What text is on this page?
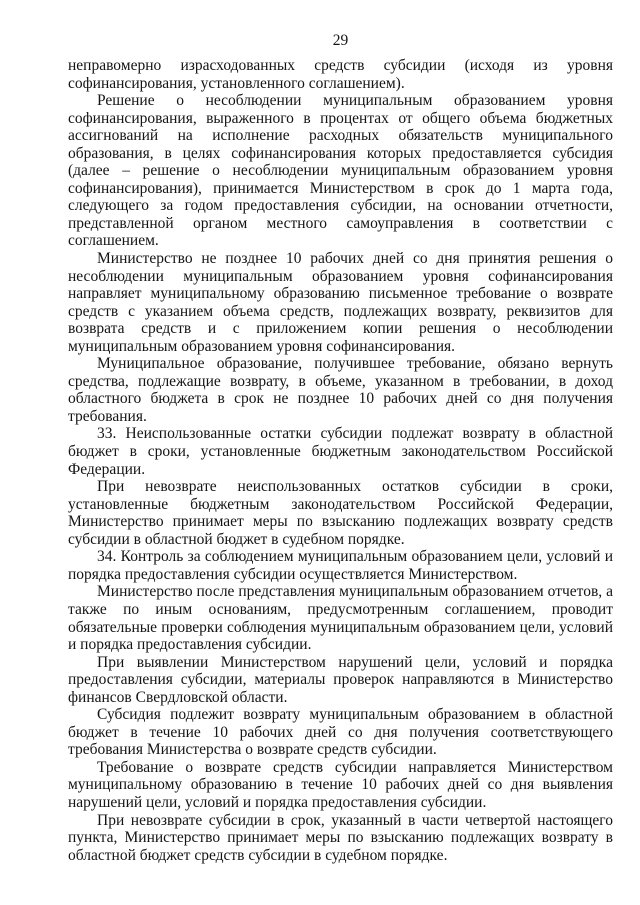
29

неправомерно израсходованных средств субсидии (исходя из уровня софинансирования, установленного соглашением).

Решение о несоблюдении муниципальным образованием уровня софинансирования, выраженного в процентах от общего объема бюджетных ассигнований на исполнение расходных обязательств муниципального образования, в целях софинансирования которых предоставляется субсидия (далее – решение о несоблюдении муниципальным образованием уровня софинансирования), принимается Министерством в срок до 1 марта года, следующего за годом предоставления субсидии, на основании отчетности, представленной органом местного самоуправления в соответствии с соглашением.

Министерство не позднее 10 рабочих дней со дня принятия решения о несоблюдении муниципальным образованием уровня софинансирования направляет муниципальному образованию письменное требование о возврате средств с указанием объема средств, подлежащих возврату, реквизитов для возврата средств и с приложением копии решения о несоблюдении муниципальным образованием уровня софинансирования.

Муниципальное образование, получившее требование, обязано вернуть средства, подлежащие возврату, в объеме, указанном в требовании, в доход областного бюджета в срок не позднее 10 рабочих дней со дня получения требования.

33. Неиспользованные остатки субсидии подлежат возврату в областной бюджет в сроки, установленные бюджетным законодательством Российской Федерации.

При невозврате неиспользованных остатков субсидии в сроки, установленные бюджетным законодательством Российской Федерации, Министерство принимает меры по взысканию подлежащих возврату средств субсидии в областной бюджет в судебном порядке.

34. Контроль за соблюдением муниципальным образованием цели, условий и порядка предоставления субсидии осуществляется Министерством.

Министерство после представления муниципальным образованием отчетов, а также по иным основаниям, предусмотренным соглашением, проводит обязательные проверки соблюдения муниципальным образованием цели, условий и порядка предоставления субсидии.

При выявлении Министерством нарушений цели, условий и порядка предоставления субсидии, материалы проверок направляются в Министерство финансов Свердловской области.

Субсидия подлежит возврату муниципальным образованием в областной бюджет в течение 10 рабочих дней со дня получения соответствующего требования Министерства о возврате средств субсидии.

Требование о возврате средств субсидии направляется Министерством муниципальному образованию в течение 10 рабочих дней со дня выявления нарушений цели, условий и порядка предоставления субсидии.

При невозврате субсидии в срок, указанный в части четвертой настоящего пункта, Министерство принимает меры по взысканию подлежащих возврату в областной бюджет средств субсидии в судебном порядке.
